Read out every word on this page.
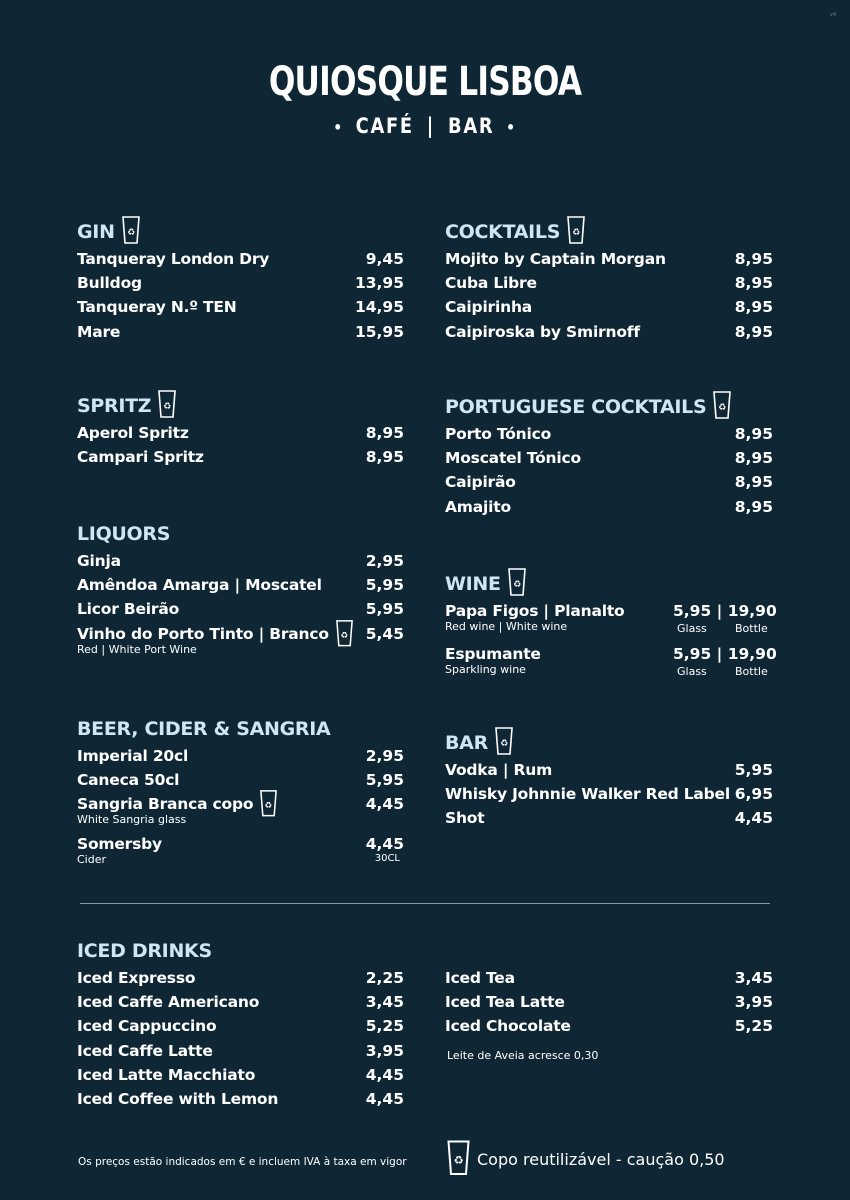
v4
QUIOSQUE LISBOA
• CAFÉ | BAR •
GIN ♻
Tanqueray London Dry	9,45
Bulldog	13,95
Tanqueray N.º TEN	14,95
Mare	15,95
SPRITZ ♻
Aperol Spritz	8,95
Campari Spritz	8,95
LIQUORS
Ginja	2,95
Amêndoa Amarga | Moscatel	5,95
Licor Beirão	5,95
Vinho do Porto Tinto | Branco ♻ 5,45
Red | White Port Wine
BEER, CIDER & SANGRIA
Imperial 20cl	2,95
Caneca 50cl	5,95
Sangria Branca copo ♻	4,45
White Sangria glass
Somersby	4,45
Cider	30CL
COCKTAILS ♻
Mojito by Captain Morgan	8,95
Cuba Libre	8,95
Caipirinha	8,95
Caipiroska by Smirnoff	8,95
PORTUGUESE COCKTAILS ♻
Porto Tónico	8,95
Moscatel Tónico	8,95
Caipirão	8,95
Amajito	8,95
WINE ♻
Papa Figos | Planalto
Red wine | White wine
5,95 | 19,90
Glass	Bottle
Espumante
Sparkling wine
5,95 | 19,90
Glass	Bottle
BAR ♻
Vodka | Rum	5,95
Whisky Johnnie Walker Red Label 6,95
Shot	4,45
ICED DRINKS
Iced Expresso	2,25
Iced Caffe Americano	3,45
Iced Cappuccino	5,25
Iced Caffe Latte	3,95
Iced Latte Macchiato	4,45
Iced Coffee with Lemon	4,45
Iced Tea	3,45
Iced Tea Latte	3,95
Iced Chocolate	5,25
Leite de Aveia acresce 0,30
Os preços estão indicados em € e incluem IVA à taxa em vigor	♻ Copo reutilizável - caução 0,50
